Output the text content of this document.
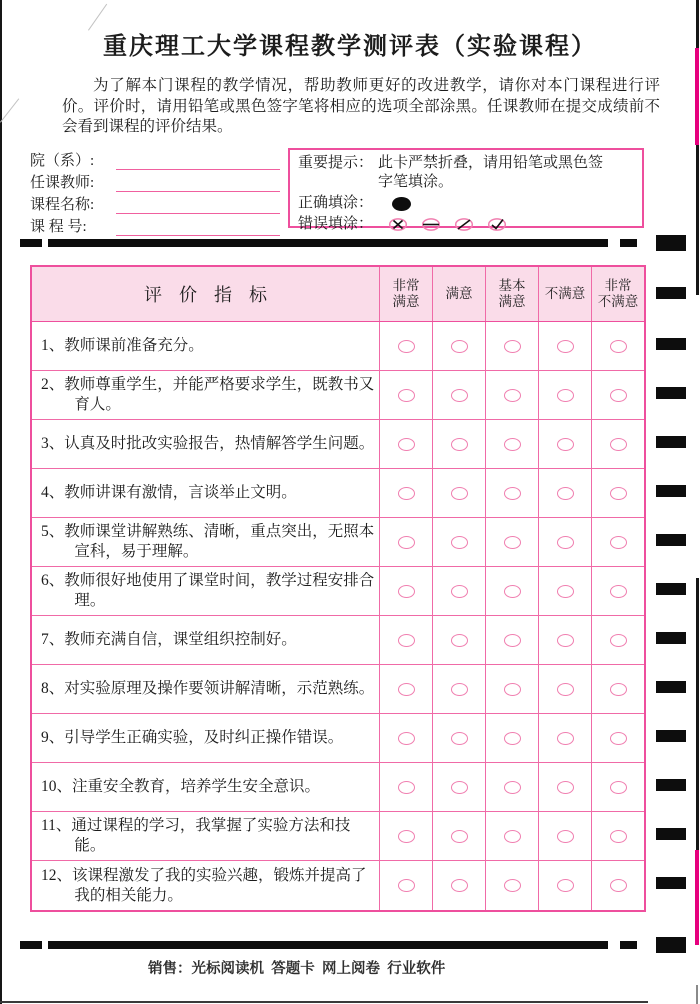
重庆理工大学课程教学测评表（实验课程）

为了解本门课程的教学情况，帮助教师更好的改进教学，请你对本门课程进行评价。评价时，请用铅笔或黑色签字笔将相应的选项全部涂黑。任课教师在提交成绩前不会看到课程的评价结果。

院（系）:
任课教师:
课程名称:
课 程 号:
重要提示： 此卡严禁折叠，请用铅笔或黑色签
字笔填涂。
正确填涂：
错误填涂：
评价指标	非常
满意
满意
基本
满意
不满意
非常
不满意
1、教师课前准备充分。
2、教师尊重学生，并能严格要求学生，既教书又育人。
3、认真及时批改实验报告，热情解答学生问题。
4、教师讲课有激情，言谈举止文明。
5、教师课堂讲解熟练、清晰，重点突出，无照本宣科，易于理解。
6、教师很好地使用了课堂时间，教学过程安排合理。
7、教师充满自信，课堂组织控制好。
8、对实验原理及操作要领讲解清晰，示范熟练。
9、引导学生正确实验，及时纠正操作错误。
10、注重安全教育，培养学生安全意识。
11、通过课程的学习，我掌握了实验方法和技能。
12、该课程激发了我的实验兴趣，锻炼并提高了我的相关能力。
销售：光标阅读机  答题卡  网上阅卷  行业软件
